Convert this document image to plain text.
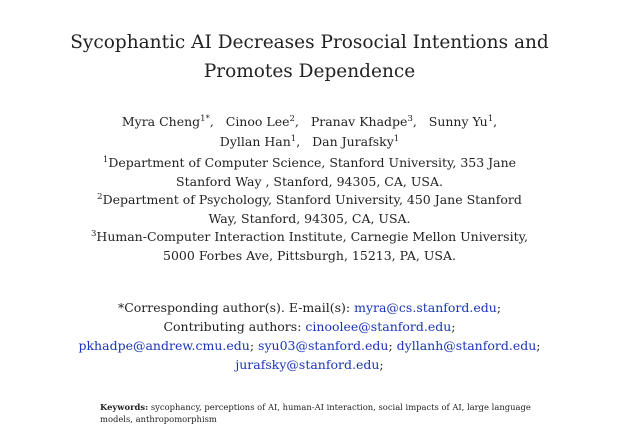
Sycophantic AI Decreases Prosocial Intentions and
Promotes Dependence
Myra Cheng$^{1*}$,   Cinoo Lee$^2$,   Pranav Khadpe$^3$,   Sunny Yu$^1$,
Dyllan Han$^1$,   Dan Jurafsky$^1$
$^1$Department of Computer Science, Stanford University, 353 Jane
Stanford Way , Stanford, 94305, CA, USA.
$^2$Department of Psychology, Stanford University, 450 Jane Stanford
Way, Stanford, 94305, CA, USA.
$^3$Human-Computer Interaction Institute, Carnegie Mellon University,
5000 Forbes Ave, Pittsburgh, 15213, PA, USA.
*Corresponding author(s). E-mail(s): myra@cs.stanford.edu;
Contributing authors: cinoolee@stanford.edu;
pkhadpe@andrew.cmu.edu; syu03@stanford.edu; dyllanh@stanford.edu;
jurafsky@stanford.edu;
Keywords: sycophancy, perceptions of AI, human-AI interaction, social impacts of AI, large language models, anthropomorphism
